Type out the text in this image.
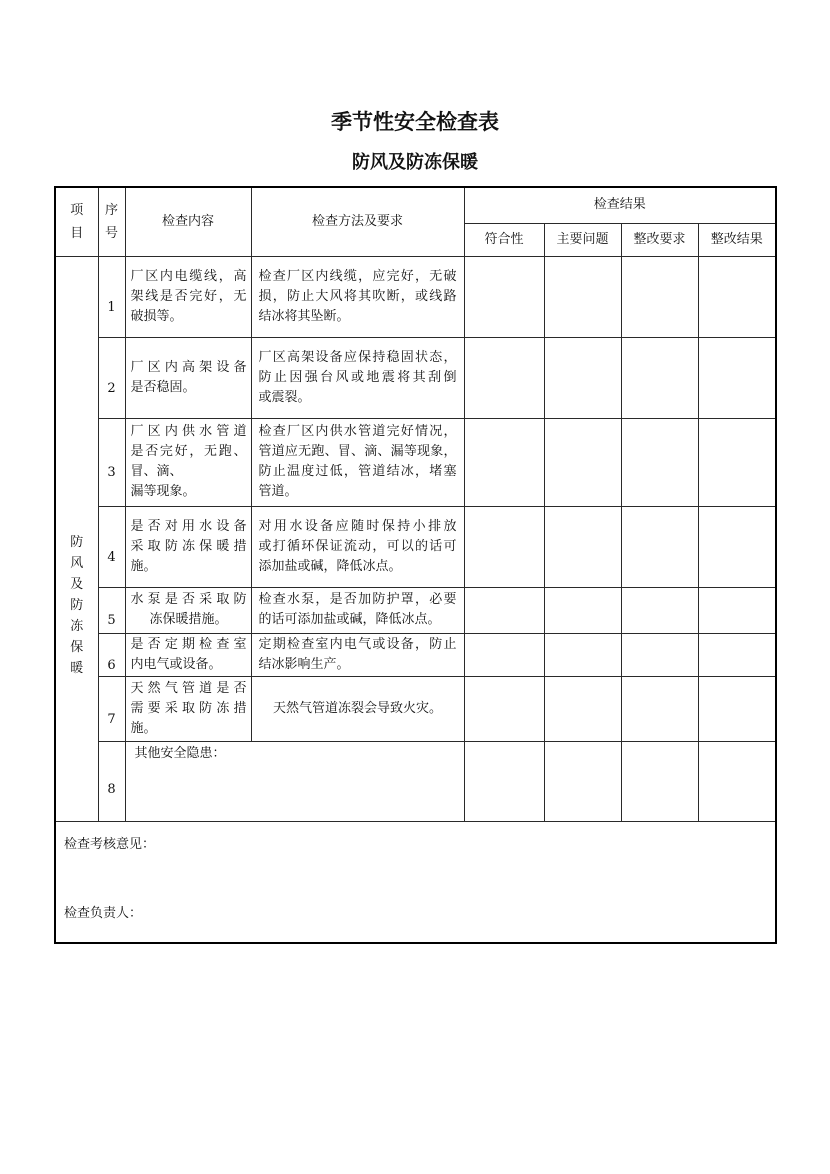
季节性安全检查表
防风及防冻保暖
项目	序号	检查内容	检查方法及要求	检查结果			
				符合性	主要问题	整改要求	整改结果
防风及防冻保暖	1	厂区内电缆线，高
架线是否完好，无
破损等。	检查厂区内线缆，应完好，无破
损，防止大风将其吹断，或线路
结冰将其坠断。				

	2	厂区内高架设备
是否稳固。	厂区高架设备应保持稳固状态，
防止因强台风或地震将其刮倒
或震裂。				

	3	厂区内供水管道
是否完好，无跑、
冒、滴、漏等现象。	检查厂区内供水管道完好情况，
管道应无跑、冒、滴、漏等现象，
防止温度过低，管道结冰，堵塞
管道。				

	4	是否对用水设备
采取防冻保暖措
施。	对用水设备应随时保持小排放
或打循环保证流动，可以的话可
添加盐或碱，降低冰点。				

	5	水泵是否采取防
冻保暖措施。	检查水泵，是否加防护罩，必要
的话可添加盐或碱，降低冰点。				

	6	是否定期检查室
内电气或设备。	定期检查室内电气或设备，防止
结冰影响生产。				

	7	天然气管道是否
需要采取防冻措
施。	天然气管道冻裂会导致火灾。				

	8	其他安全隐患：					

检查考核意见：
检查负责人：							
